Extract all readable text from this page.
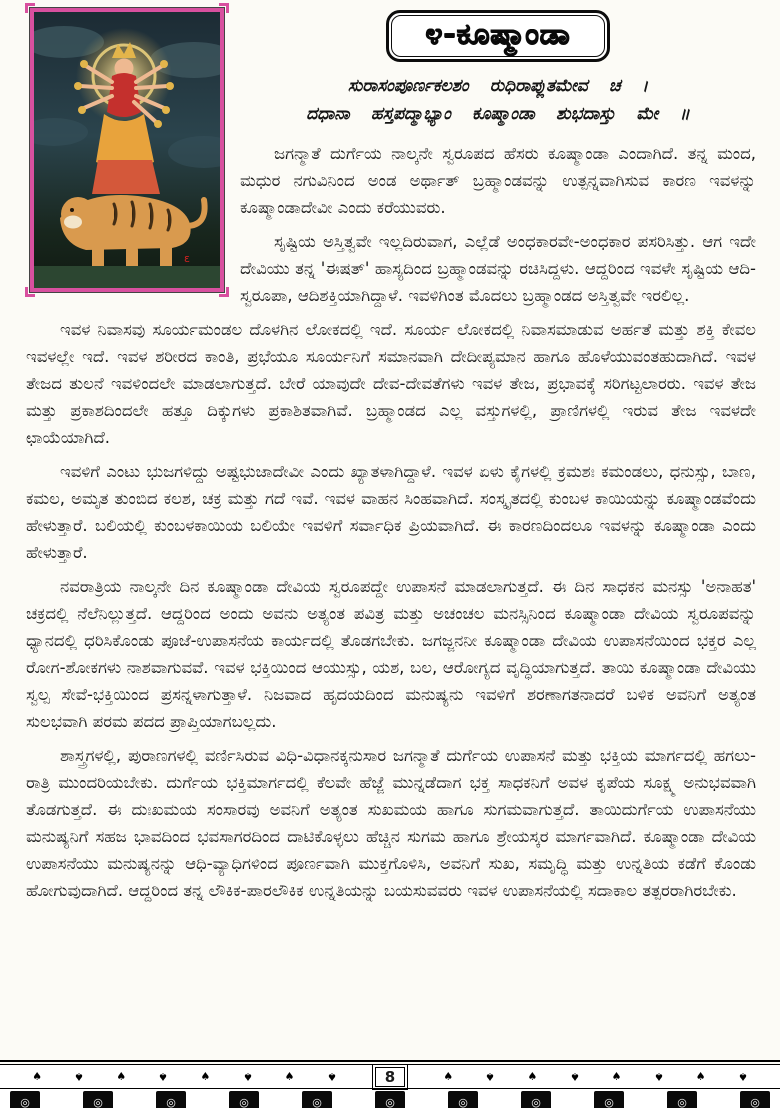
ε
೪-ಕೂಷ್ಮಾಂಡಾ
ಸುರಾಸಂಪೂರ್ಣಕಲಶಂ ರುಧಿರಾಪ್ಲುತಮೇವ ಚ ।
ದಧಾನಾ ಹಸ್ತಪದ್ಮಾಭ್ಯಾಂ ಕೂಷ್ಮಾಂಡಾ ಶುಭದಾಸ್ತು ಮೇ ॥

ಜಗನ್ಮಾತೆ ದುರ್ಗೆಯ ನಾಲ್ಕನೇ ಸ್ವರೂಪದ ಹೆಸರು ಕೂಷ್ಮಾಂಡಾ ಎಂದಾಗಿದೆ. ತನ್ನ ಮಂದ, ಮಧುರ ನಗುವಿನಿಂದ ಅಂಡ ಅರ್ಥಾತ್ ಬ್ರಹ್ಮಾಂಡವನ್ನು ಉತ್ಪನ್ನವಾಗಿಸುವ ಕಾರಣ ಇವಳನ್ನು ಕೂಷ್ಮಾಂಡಾದೇವೀ ಎಂದು ಕರೆಯುವರು.

ಸೃಷ್ಟಿಯ ಅಸ್ತಿತ್ವವೇ ಇಲ್ಲದಿರುವಾಗ, ಎಲ್ಲೆಡೆ ಅಂಧಕಾರವೇ-ಅಂಧಕಾರ ಪಸರಿಸಿತ್ತು. ಆಗ ಇದೇ ದೇವಿಯು ತನ್ನ 'ಈಷತ್' ಹಾಸ್ಯದಿಂದ ಬ್ರಹ್ಮಾಂಡವನ್ನು ರಚಿಸಿದ್ದಳು. ಆದ್ದರಿಂದ ಇವಳೇ ಸೃಷ್ಟಿಯ ಆದಿ-ಸ್ವರೂಪಾ, ಆದಿಶಕ್ತಿಯಾಗಿದ್ದಾಳೆ. ಇವಳಿಗಿಂತ ಮೊದಲು ಬ್ರಹ್ಮಾಂಡದ ಅಸ್ತಿತ್ವವೇ ಇರಲಿಲ್ಲ.

ಇವಳ ನಿವಾಸವು ಸೂರ್ಯಮಂಡಲ ದೊಳಗಿನ ಲೋಕದಲ್ಲಿ ಇದೆ. ಸೂರ್ಯ ಲೋಕದಲ್ಲಿ ನಿವಾಸಮಾಡುವ ಅರ್ಹತೆ ಮತ್ತು ಶಕ್ತಿ ಕೇವಲ ಇವಳಲ್ಲೇ ಇದೆ. ಇವಳ ಶರೀರದ ಕಾಂತಿ, ಪ್ರಭೆಯೂ ಸೂರ್ಯನಿಗೆ ಸಮಾನವಾಗಿ ದೇದೀಪ್ಯಮಾನ ಹಾಗೂ ಹೊಳೆಯುವಂತಹುದಾಗಿದೆ. ಇವಳ ತೇಜದ ತುಲನೆ ಇವಳಿಂದಲೇ ಮಾಡಲಾಗುತ್ತದೆ. ಬೇರೆ ಯಾವುದೇ ದೇವ-ದೇವತೆಗಳು ಇವಳ ತೇಜ, ಪ್ರಭಾವಕ್ಕೆ ಸರಿಗಟ್ಟಲಾರರು. ಇವಳ ತೇಜ ಮತ್ತು ಪ್ರಕಾಶದಿಂದಲೇ ಹತ್ತೂ ದಿಕ್ಕುಗಳು ಪ್ರಕಾಶಿತವಾಗಿವೆ. ಬ್ರಹ್ಮಾಂಡದ ಎಲ್ಲ ವಸ್ತುಗಳಲ್ಲಿ, ಪ್ರಾಣಿಗಳಲ್ಲಿ ಇರುವ ತೇಜ ಇವಳದೇ ಛಾಯೆಯಾಗಿದೆ.

ಇವಳಿಗೆ ಎಂಟು ಭುಜಗಳಿದ್ದು ಅಷ್ಟಭುಜಾದೇವೀ ಎಂದು ಖ್ಯಾತಳಾಗಿದ್ದಾಳೆ. ಇವಳ ಏಳು ಕೈಗಳಲ್ಲಿ ಕ್ರಮಶಃ ಕಮಂಡಲು, ಧನುಸ್ಸು, ಬಾಣ, ಕಮಲ, ಅಮೃತ ತುಂಬಿದ ಕಲಶ, ಚಕ್ರ ಮತ್ತು ಗದೆ ಇವೆ. ಇವಳ ವಾಹನ ಸಿಂಹವಾಗಿದೆ. ಸಂಸ್ಕೃತದಲ್ಲಿ ಕುಂಬಳ ಕಾಯಿಯನ್ನು ಕೂಷ್ಮಾಂಡವೆಂದು ಹೇಳುತ್ತಾರೆ. ಬಲಿಯಲ್ಲಿ ಕುಂಬಳಕಾಯಿಯ ಬಲಿಯೇ ಇವಳಿಗೆ ಸರ್ವಾಧಿಕ ಪ್ರಿಯವಾಗಿದೆ. ಈ ಕಾರಣದಿಂದಲೂ ಇವಳನ್ನು ಕೂಷ್ಮಾಂಡಾ ಎಂದು ಹೇಳುತ್ತಾರೆ.

ನವರಾತ್ರಿಯ ನಾಲ್ಕನೇ ದಿನ ಕೂಷ್ಮಾಂಡಾ ದೇವಿಯ ಸ್ವರೂಪದ್ದೇ ಉಪಾಸನೆ ಮಾಡಲಾಗುತ್ತದೆ. ಈ ದಿನ ಸಾಧಕನ ಮನಸ್ಸು 'ಅನಾಹತ' ಚಕ್ರದಲ್ಲಿ ನೆಲೆನಿಲ್ಲುತ್ತದೆ. ಆದ್ದರಿಂದ ಅಂದು ಅವನು ಅತ್ಯಂತ ಪವಿತ್ರ ಮತ್ತು ಅಚಂಚಲ ಮನಸ್ಸಿನಿಂದ ಕೂಷ್ಮಾಂಡಾ ದೇವಿಯ ಸ್ವರೂಪವನ್ನು ಧ್ಯಾನದಲ್ಲಿ ಧರಿಸಿಕೊಂಡು ಪೂಜೆ-ಉಪಾಸನೆಯ ಕಾರ್ಯದಲ್ಲಿ ತೊಡಗಬೇಕು. ಜಗಜ್ಜನನೀ ಕೂಷ್ಮಾಂಡಾ ದೇವಿಯ ಉಪಾಸನೆಯಿಂದ ಭಕ್ತರ ಎಲ್ಲ ರೋಗ-ಶೋಕಗಳು ನಾಶವಾಗುವವೆ. ಇವಳ ಭಕ್ತಿಯಿಂದ ಆಯುಸ್ಸು, ಯಶ, ಬಲ, ಆರೋಗ್ಯದ ವೃದ್ಧಿಯಾಗುತ್ತದೆ. ತಾಯಿ ಕೂಷ್ಮಾಂಡಾ ದೇವಿಯು ಸ್ವಲ್ಪ ಸೇವೆ-ಭಕ್ತಿಯಿಂದ ಪ್ರಸನ್ನಳಾಗುತ್ತಾಳೆ. ನಿಜವಾದ ಹೃದಯದಿಂದ ಮನುಷ್ಯನು ಇವಳಿಗೆ ಶರಣಾಗತನಾದರೆ ಬಳಿಕ ಅವನಿಗೆ ಅತ್ಯಂತ ಸುಲಭವಾಗಿ ಪರಮ ಪದದ ಪ್ರಾಪ್ತಿಯಾಗಬಲ್ಲದು.

ಶಾಸ್ತ್ರಗಳಲ್ಲಿ, ಪುರಾಣಗಳಲ್ಲಿ ವರ್ಣಿಸಿರುವ ವಿಧಿ-ವಿಧಾನಕ್ಕನುಸಾರ ಜಗನ್ಮಾತೆ ದುರ್ಗೆಯ ಉಪಾಸನೆ ಮತ್ತು ಭಕ್ತಿಯ ಮಾರ್ಗದಲ್ಲಿ ಹಗಲು-ರಾತ್ರಿ ಮುಂದರಿಯಬೇಕು. ದುರ್ಗೆಯ ಭಕ್ತಿಮಾರ್ಗದಲ್ಲಿ ಕೆಲವೇ ಹೆಜ್ಜೆ ಮುನ್ನಡೆದಾಗ ಭಕ್ತ ಸಾಧಕನಿಗೆ ಅವಳ ಕೃಪೆಯ ಸೂಕ್ಷ್ಮ ಅನುಭವವಾಗಿ ತೊಡಗುತ್ತದೆ. ಈ ದುಃಖಮಯ ಸಂಸಾರವು ಅವನಿಗೆ ಅತ್ಯಂತ ಸುಖಮಯ ಹಾಗೂ ಸುಗಮವಾಗುತ್ತದೆ. ತಾಯಿದುರ್ಗೆಯ ಉಪಾಸನೆಯು ಮನುಷ್ಯನಿಗೆ ಸಹಜ ಭಾವದಿಂದ ಭವಸಾಗರದಿಂದ ದಾಟಿಕೊಳ್ಳಲು ಹೆಚ್ಚಿನ ಸುಗಮ ಹಾಗೂ ಶ್ರೇಯಸ್ಕರ ಮಾರ್ಗವಾಗಿದೆ. ಕೂಷ್ಮಾಂಡಾ ದೇವಿಯ ಉಪಾಸನೆಯು ಮನುಷ್ಯನನ್ನು ಆಧಿ-ವ್ಯಾಧಿಗಳಿಂದ ಪೂರ್ಣವಾಗಿ ಮುಕ್ತಗೊಳಿಸಿ, ಅವನಿಗೆ ಸುಖ, ಸಮೃದ್ಧಿ ಮತ್ತು ಉನ್ನತಿಯ ಕಡೆಗೆ ಕೊಂಡು ಹೋಗುವುದಾಗಿದೆ. ಆದ್ದರಿಂದ ತನ್ನ ಲೌಕಿಕ-ಪಾರಲೌಕಿಕ ಉನ್ನತಿಯನ್ನು ಬಯಸುವವರು ಇವಳ ಉಪಾಸನೆಯಲ್ಲಿ ಸದಾಕಾಲ ತತ್ಪರರಾಗಿರಬೇಕು.

♠	♠	♠	♠	♠	♠	♠	♠	8	♠	♠	♠	♠	♠	♠	♠	♠
◎	◎	◎	◎	◎	◎	◎	◎	◎	◎	◎
